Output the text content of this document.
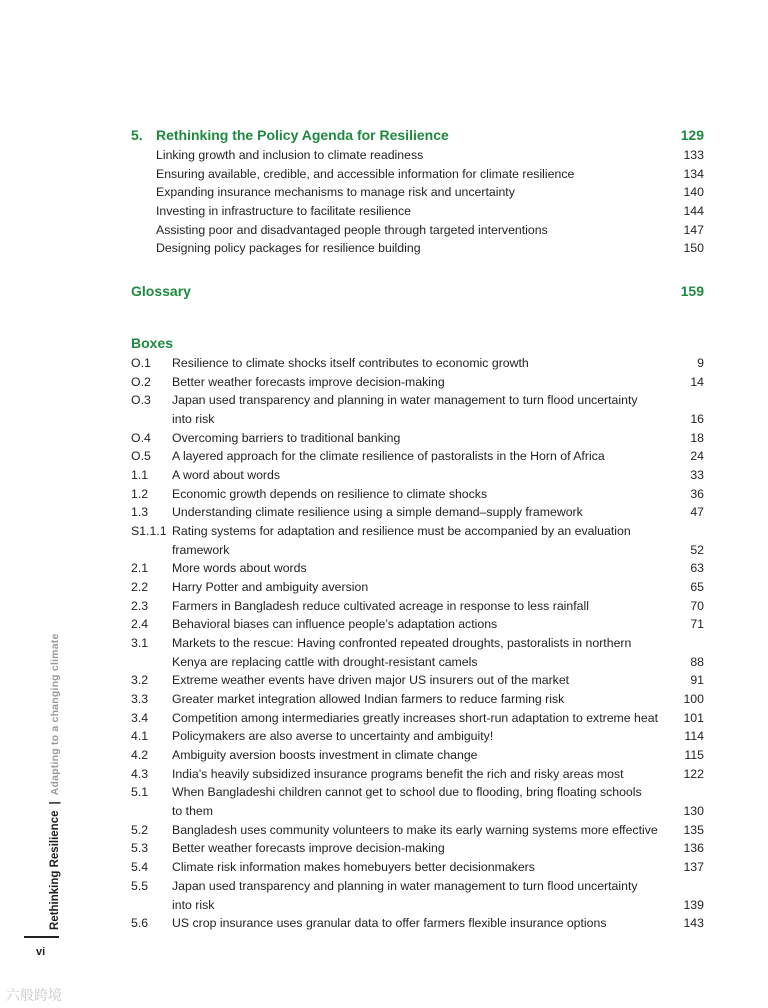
5. Rethinking the Policy Agenda for Resilience	129
Linking growth and inclusion to climate readiness	133
Ensuring available, credible, and accessible information for climate resilience	134
Expanding insurance mechanisms to manage risk and uncertainty	140
Investing in infrastructure to facilitate resilience	144
Assisting poor and disadvantaged people through targeted interventions	147
Designing policy packages for resilience building	150
Glossary	159
Boxes
O.1 Resilience to climate shocks itself contributes to economic growth	9
O.2 Better weather forecasts improve decision-making	14
O.3 Japan used transparency and planning in water management to turn flood uncertainty
into risk	16
O.4 Overcoming barriers to traditional banking	18
O.5 A layered approach for the climate resilience of pastoralists in the Horn of Africa	24
1.1 A word about words	33
1.2 Economic growth depends on resilience to climate shocks	36
1.3 Understanding climate resilience using a simple demand–supply framework	47
S1.1.1 Rating systems for adaptation and resilience must be accompanied by an evaluation
framework	52
2.1 More words about words	63
2.2 Harry Potter and ambiguity aversion	65
2.3 Farmers in Bangladesh reduce cultivated acreage in response to less rainfall	70
2.4 Behavioral biases can influence people’s adaptation actions	71
3.1 Markets to the rescue: Having confronted repeated droughts, pastoralists in northern
Kenya are replacing cattle with drought-resistant camels	88
3.2 Extreme weather events have driven major US insurers out of the market	91
3.3 Greater market integration allowed Indian farmers to reduce farming risk	100
3.4 Competition among intermediaries greatly increases short-run adaptation to extreme heat 101
4.1 Policymakers are also averse to uncertainty and ambiguity!	114
4.2 Ambiguity aversion boosts investment in climate change	115
4.3 India’s heavily subsidized insurance programs benefit the rich and risky areas most	122
5.1 When Bangladeshi children cannot get to school due to flooding, bring floating schools
to them	130
5.2 Bangladesh uses community volunteers to make its early warning systems more effective 135
5.3 Better weather forecasts improve decision-making	136
5.4 Climate risk information makes homebuyers better decisionmakers	137
5.5 Japan used transparency and planning in water management to turn flood uncertainty
into risk	139
5.6 US crop insurance uses granular data to offer farmers flexible insurance options	143
Rethinking Resilience|Adapting to a changing climate
vi
六般跨境
